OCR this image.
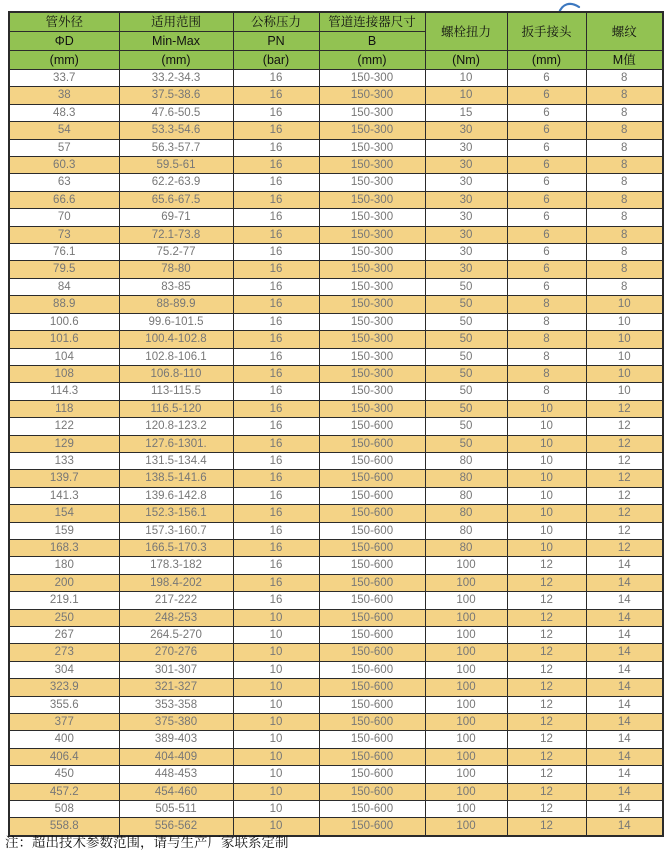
管外径	适用范围	公称压力	管道连接器尺寸	螺栓扭力	扳手接头	螺纹
ΦD	Min-Max	PN	B			
(mm)	(mm)	(bar)	(mm)	(Nm)	(mm)	M值
33.7	33.2-34.3	16	150-300	10	6	8
38	37.5-38.6	16	150-300	10	6	8
48.3	47.6-50.5	16	150-300	15	6	8
54	53.3-54.6	16	150-300	30	6	8
57	56.3-57.7	16	150-300	30	6	8
60.3	59.5-61	16	150-300	30	6	8
63	62.2-63.9	16	150-300	30	6	8
66.6	65.6-67.5	16	150-300	30	6	8
70	69-71	16	150-300	30	6	8
73	72.1-73.8	16	150-300	30	6	8
76.1	75.2-77	16	150-300	30	6	8
79.5	78-80	16	150-300	30	6	8
84	83-85	16	150-300	50	6	8
88.9	88-89.9	16	150-300	50	8	10
100.6	99.6-101.5	16	150-300	50	8	10
101.6	100.4-102.8	16	150-300	50	8	10
104	102.8-106.1	16	150-300	50	8	10
108	106.8-110	16	150-300	50	8	10
114.3	113-115.5	16	150-300	50	8	10
118	116.5-120	16	150-300	50	10	12
122	120.8-123.2	16	150-600	50	10	12
129	127.6-1301.	16	150-600	50	10	12
133	131.5-134.4	16	150-600	80	10	12
139.7	138.5-141.6	16	150-600	80	10	12
141.3	139.6-142.8	16	150-600	80	10	12
154	152.3-156.1	16	150-600	80	10	12
159	157.3-160.7	16	150-600	80	10	12
168.3	166.5-170.3	16	150-600	80	10	12
180	178.3-182	16	150-600	100	12	14
200	198.4-202	16	150-600	100	12	14
219.1	217-222	16	150-600	100	12	14
250	248-253	10	150-600	100	12	14
267	264.5-270	10	150-600	100	12	14
273	270-276	10	150-600	100	12	14
304	301-307	10	150-600	100	12	14
323.9	321-327	10	150-600	100	12	14
355.6	353-358	10	150-600	100	12	14
377	375-380	10	150-600	100	12	14
400	389-403	10	150-600	100	12	14
406.4	404-409	10	150-600	100	12	14
450	448-453	10	150-600	100	12	14
457.2	454-460	10	150-600	100	12	14
508	505-511	10	150-600	100	12	14
558.8	556-562	10	150-600	100	12	14
注：超出技术参数范围，请与生产厂家联系定制
